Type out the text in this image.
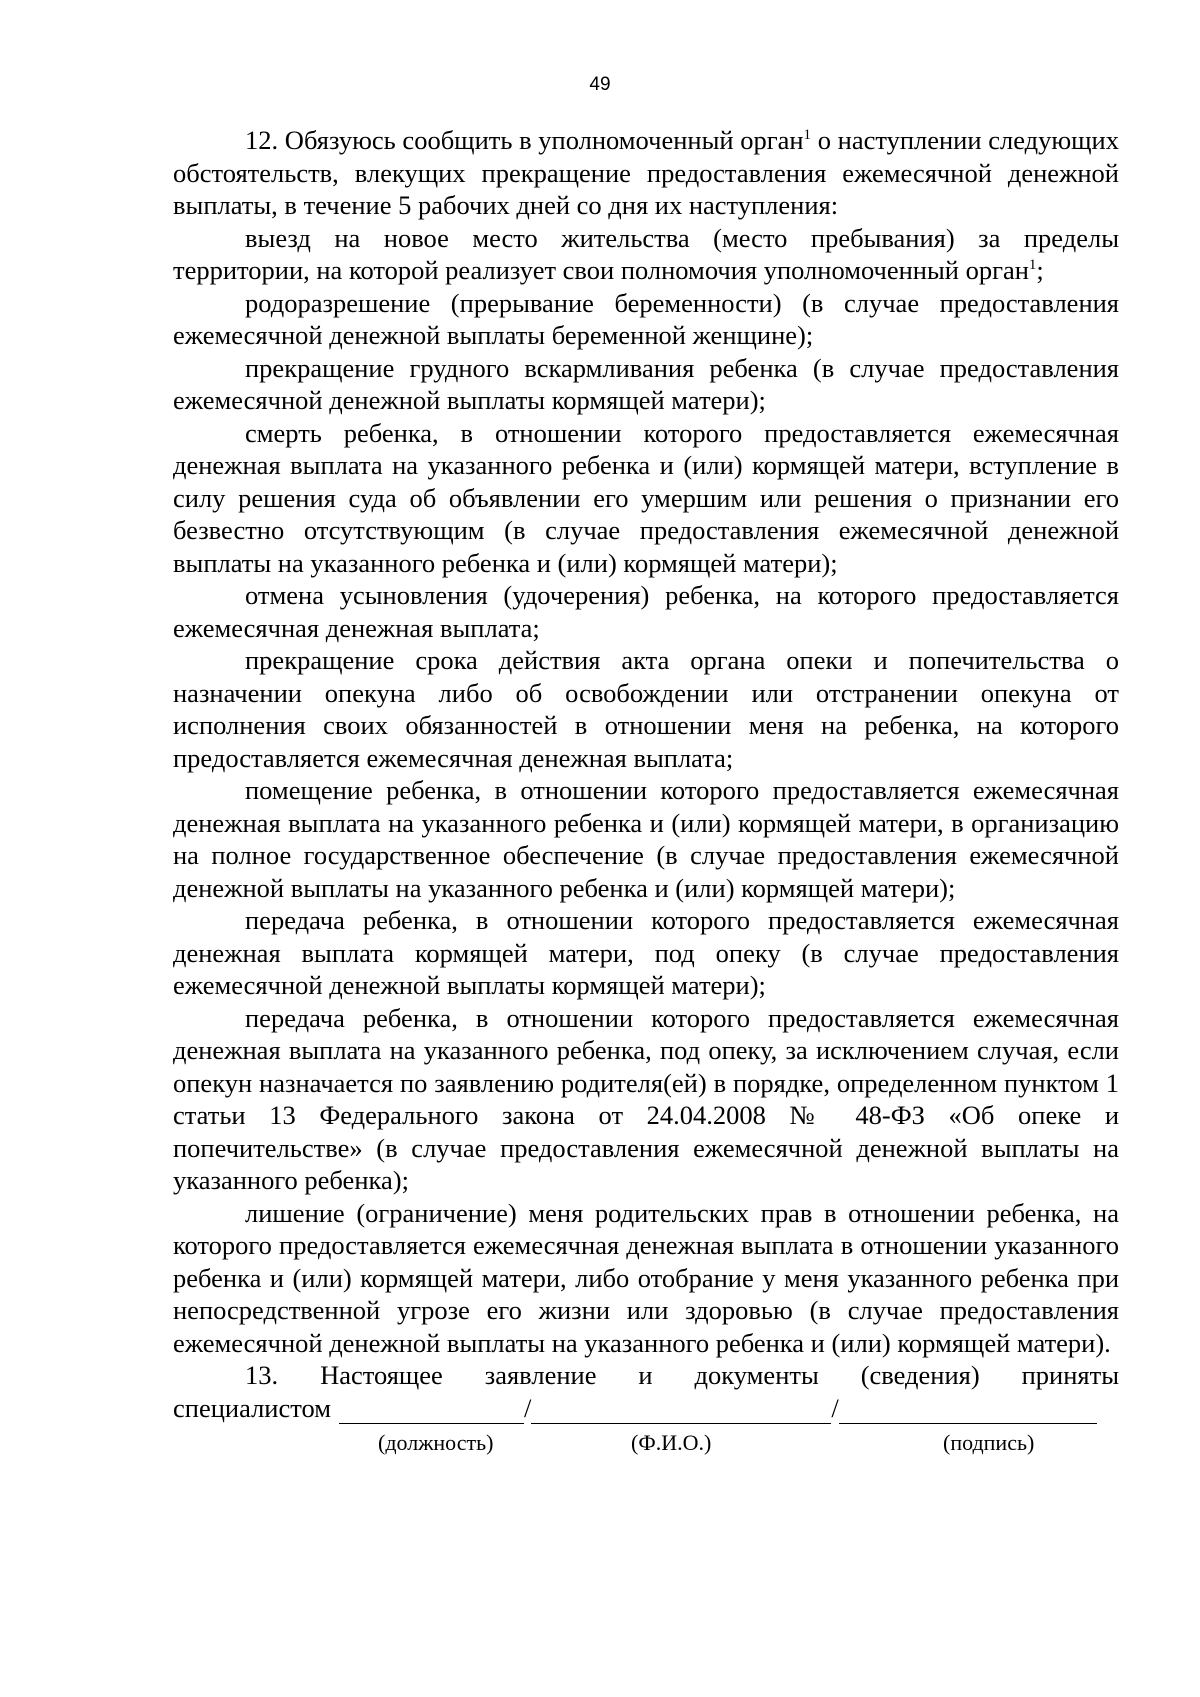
49

12. Обязуюсь сообщить в уполномоченный орган$^1$ о наступлении следующих обстоятельств, влекущих прекращение предоставления ежемесячной денежной выплаты, в течение 5 рабочих дней со дня их наступления:

выезд на новое место жительства (место пребывания) за пределы территории, на которой реализует свои полномочия уполномоченный орган$^1$;

родоразрешение (прерывание беременности) (в случае предоставления ежемесячной денежной выплаты беременной женщине);

прекращение грудного вскармливания ребенка (в случае предоставления ежемесячной денежной выплаты кормящей матери);

смерть ребенка, в отношении которого предоставляется ежемесячная денежная выплата на указанного ребенка и (или) кормящей матери, вступление в силу решения суда об объявлении его умершим или решения о признании его безвестно отсутствующим (в случае предоставления ежемесячной денежной выплаты на указанного ребенка и (или) кормящей матери);

отмена усыновления (удочерения) ребенка, на которого предоставляется ежемесячная денежная выплата;

прекращение срока действия акта органа опеки и попечительства о назначении опекуна либо об освобождении или отстранении опекуна от исполнения своих обязанностей в отношении меня на ребенка, на которого предоставляется ежемесячная денежная выплата;

помещение ребенка, в отношении которого предоставляется ежемесячная денежная выплата на указанного ребенка и (или) кормящей матери, в организацию на полное государственное обеспечение (в случае предоставления ежемесячной денежной выплаты на указанного ребенка и (или) кормящей матери);

передача ребенка, в отношении которого предоставляется ежемесячная денежная выплата кормящей матери, под опеку (в случае предоставления ежемесячной денежной выплаты кормящей матери);

передача ребенка, в отношении которого предоставляется ежемесячная денежная выплата на указанного ребенка, под опеку, за исключением случая, если опекун назначается по заявлению родителя(ей) в порядке, определенном пунктом 1 статьи 13 Федерального закона от 24.04.2008 № 48-ФЗ «Об опеке и попечительстве» (в случае предоставления ежемесячной денежной выплаты на указанного ребенка);

лишение (ограничение) меня родительских прав в отношении ребенка, на которого предоставляется ежемесячная денежная выплата в отношении указанного ребенка и (или) кормящей матери, либо отобрание у меня указанного ребенка при непосредственной угрозе его жизни или здоровью (в случае предоставления ежемесячной денежной выплаты на указанного ребенка и (или) кормящей матери).

13. Настоящее заявление и документы (сведения) приняты

специалистом	/	/
(должность)	(Ф.И.О.)	(подпись)
